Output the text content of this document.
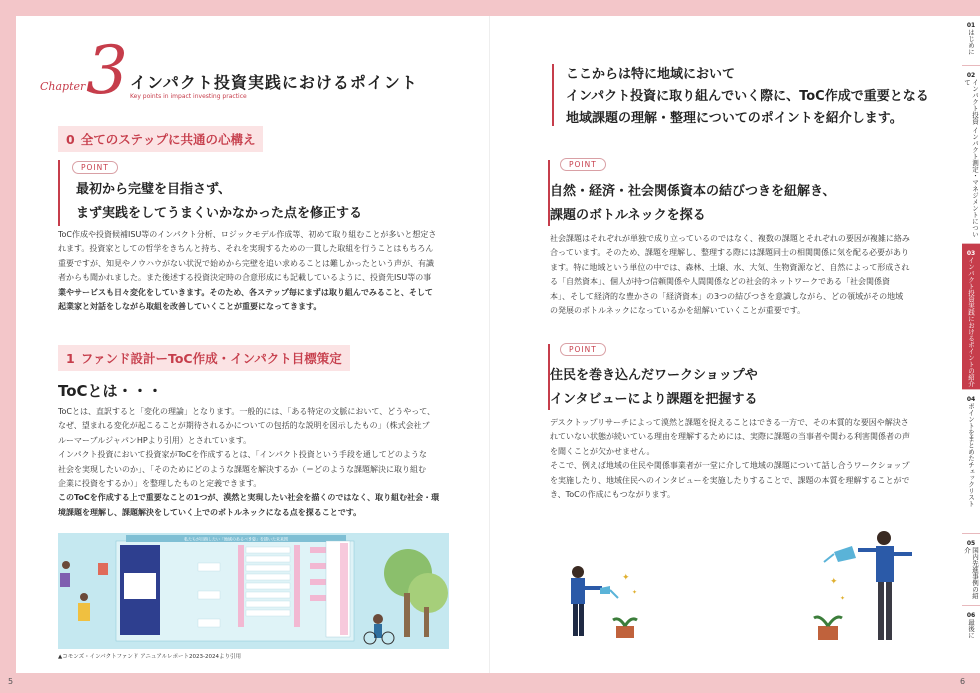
Chapter 3 インパクト投資実践におけるポイント
Key points in impact investing practice
0 全てのステップに共通の心構え
POINT
最初から完璧を目指さず、
まず実践をしてうまくいかなかった点を修正する
ToC作成や投資候補ISU等のインパクト分析、ロジックモデル作成等、初めて取り組むことが多いと想定さ
れます。投資家としての哲学をきちんと持ち、それを実現するための一貫した取組を行うことはもちろん
重要ですが、知見やノウハウがない状況で始めから完壁を追い求めることは難しかったという声が、有識
者からも聞かれました。また後述する投資決定時の合意形成にも記載しているように、投資先ISU等の事
業やサービスも日々変化をしていきます。そのため、各ステップ毎にまずは取り組んでみること、そして
起業家と対話をしながら取組を改善していくことが重要になってきます。
1 ファンド設計ーToC作成・インパクト目標策定
ToCとは・・・
ToCとは、直訳すると「変化の理論」となります。一般的には、「ある特定の文脈において、どうやって、
なぜ、望まれる変化が起こることが期待されるかについての包括的な説明を図示したもの」（株式会社ブ
ルーマーブルジャパンHPより引用）とされています。
インパクト投資において投資家がToCを作成するとは、「インパクト投資という手段を通してどのような
社会を実現したいのか」、「そのためにどのような課題を解決するか（＝どのような課題解決に取り組む
企業に投資をするか）」を整理したものと定義できます。
このToCを作成する上で重要なことの1つが、漠然と実現したい社会を描くのではなく、取り組む社会・環
境課題を理解し、課題解決をしていく上でのボトルネックになる点を探ることです。
私たちが目指したい「地域のあるべき姿」を描いた未来図
▲コモンズ・インパクトファンド アニュアルレポート2023-2024より引用
ここからは特に地域において
インパクト投資に取り組んでいく際に、ToC作成で重要となる
地域課題の理解・整理についてのポイントを紹介します。
POINT
自然・経済・社会関係資本の結びつきを紐解き、
課題のボトルネックを探る
社会課題はそれぞれが単独で成り立っているのではなく、複数の課題とそれぞれの要因が複雑に絡み
合っています。そのため、課題を理解し、整理する際には課題同士の相関関係に気を配る必要があり
ます。特に地域という単位の中では、森林、土壌、水、大気、生物資源など、自然によって形成され
る「自然資本」、個人が持つ信頼関係や人間関係などの社会的ネットワークである「社会関係資
本」、そして経済的な豊かさの「経済資本」の3つの結びつきを意識しながら、どの領域がその地域
の発展のボトルネックになっているかを紐解いていくことが重要です。
POINT
住民を巻き込んだワークショップや
インタビューにより課題を把握する
デスクトップリサーチによって漠然と課題を捉えることはできる一方で、その本質的な要因や解決さ
れていない状態が続いている理由を理解するためには、実際に課題の当事者や関わる利害関係者の声
を聞くことが欠かせません。
そこで、例えば地域の住民や関係事業者が一堂に介して地域の課題について話し合うワークショップ
を実施したり、地域住民へのインタビューを実施したりすることで、課題の本質を理解することがで
き、ToCの作成にもつながります。
✦
✦
✦
✦
5	6
01
はじめに
02
インパクト投資 インパクト測定・マネジメントについて
03
インパクト投資実践におけるポイントの紹介
04
ポイントをまとめたチェックリスト
05
国内先進事例の紹介
06
最後に
